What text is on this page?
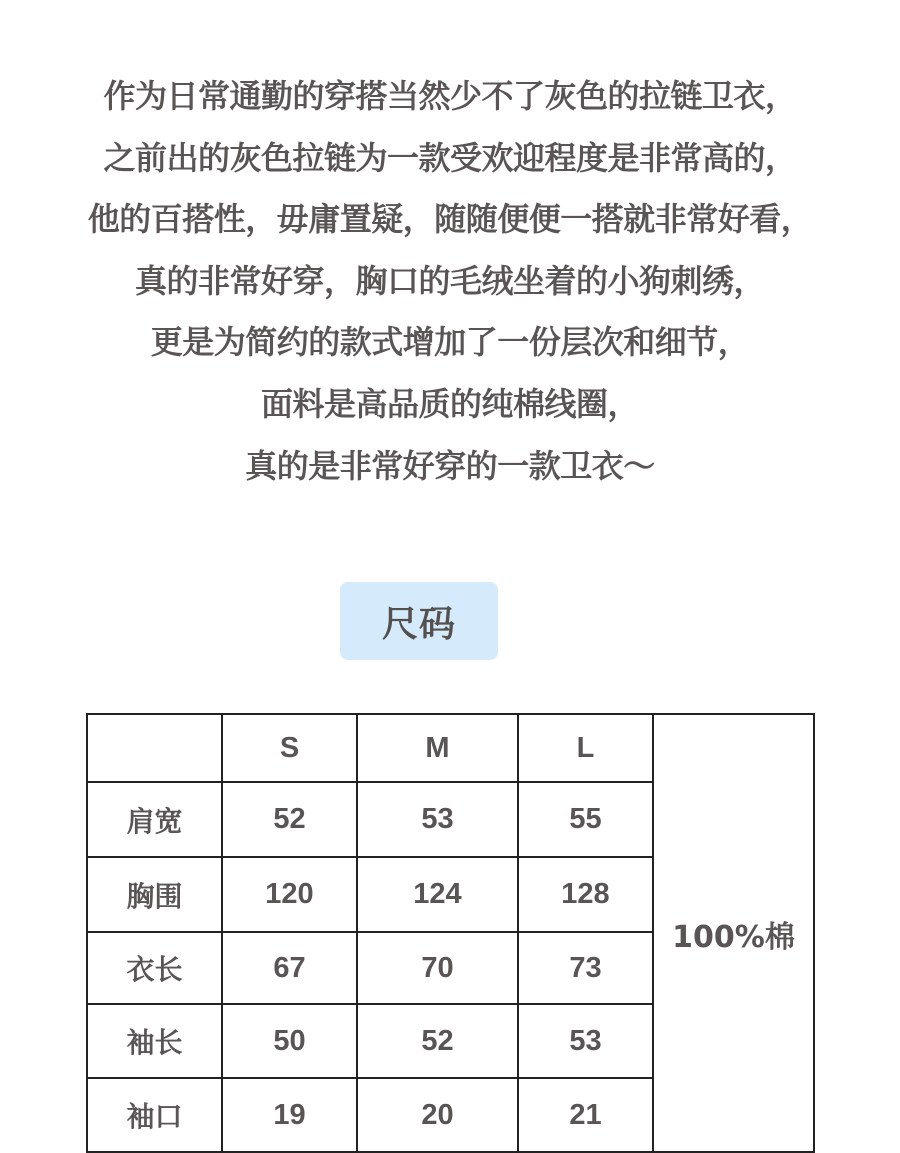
作为日常通勤的穿搭当然少不了灰色的拉链卫衣，
之前出的灰色拉链为一款受欢迎程度是非常高的，
他的百搭性，毋庸置疑，随随便便一搭就非常好看，
真的非常好穿，胸口的毛绒坐着的小狗刺绣，
更是为简约的款式增加了一份层次和细节，
面料是高品质的纯棉线圈，
真的是非常好穿的一款卫衣～
尺码
	S	M	L	100%棉
肩宽	52	53	55	
胸围	120	124	128	
衣长	67	70	73	
袖长	50	52	53	
袖口	19	20	21	
